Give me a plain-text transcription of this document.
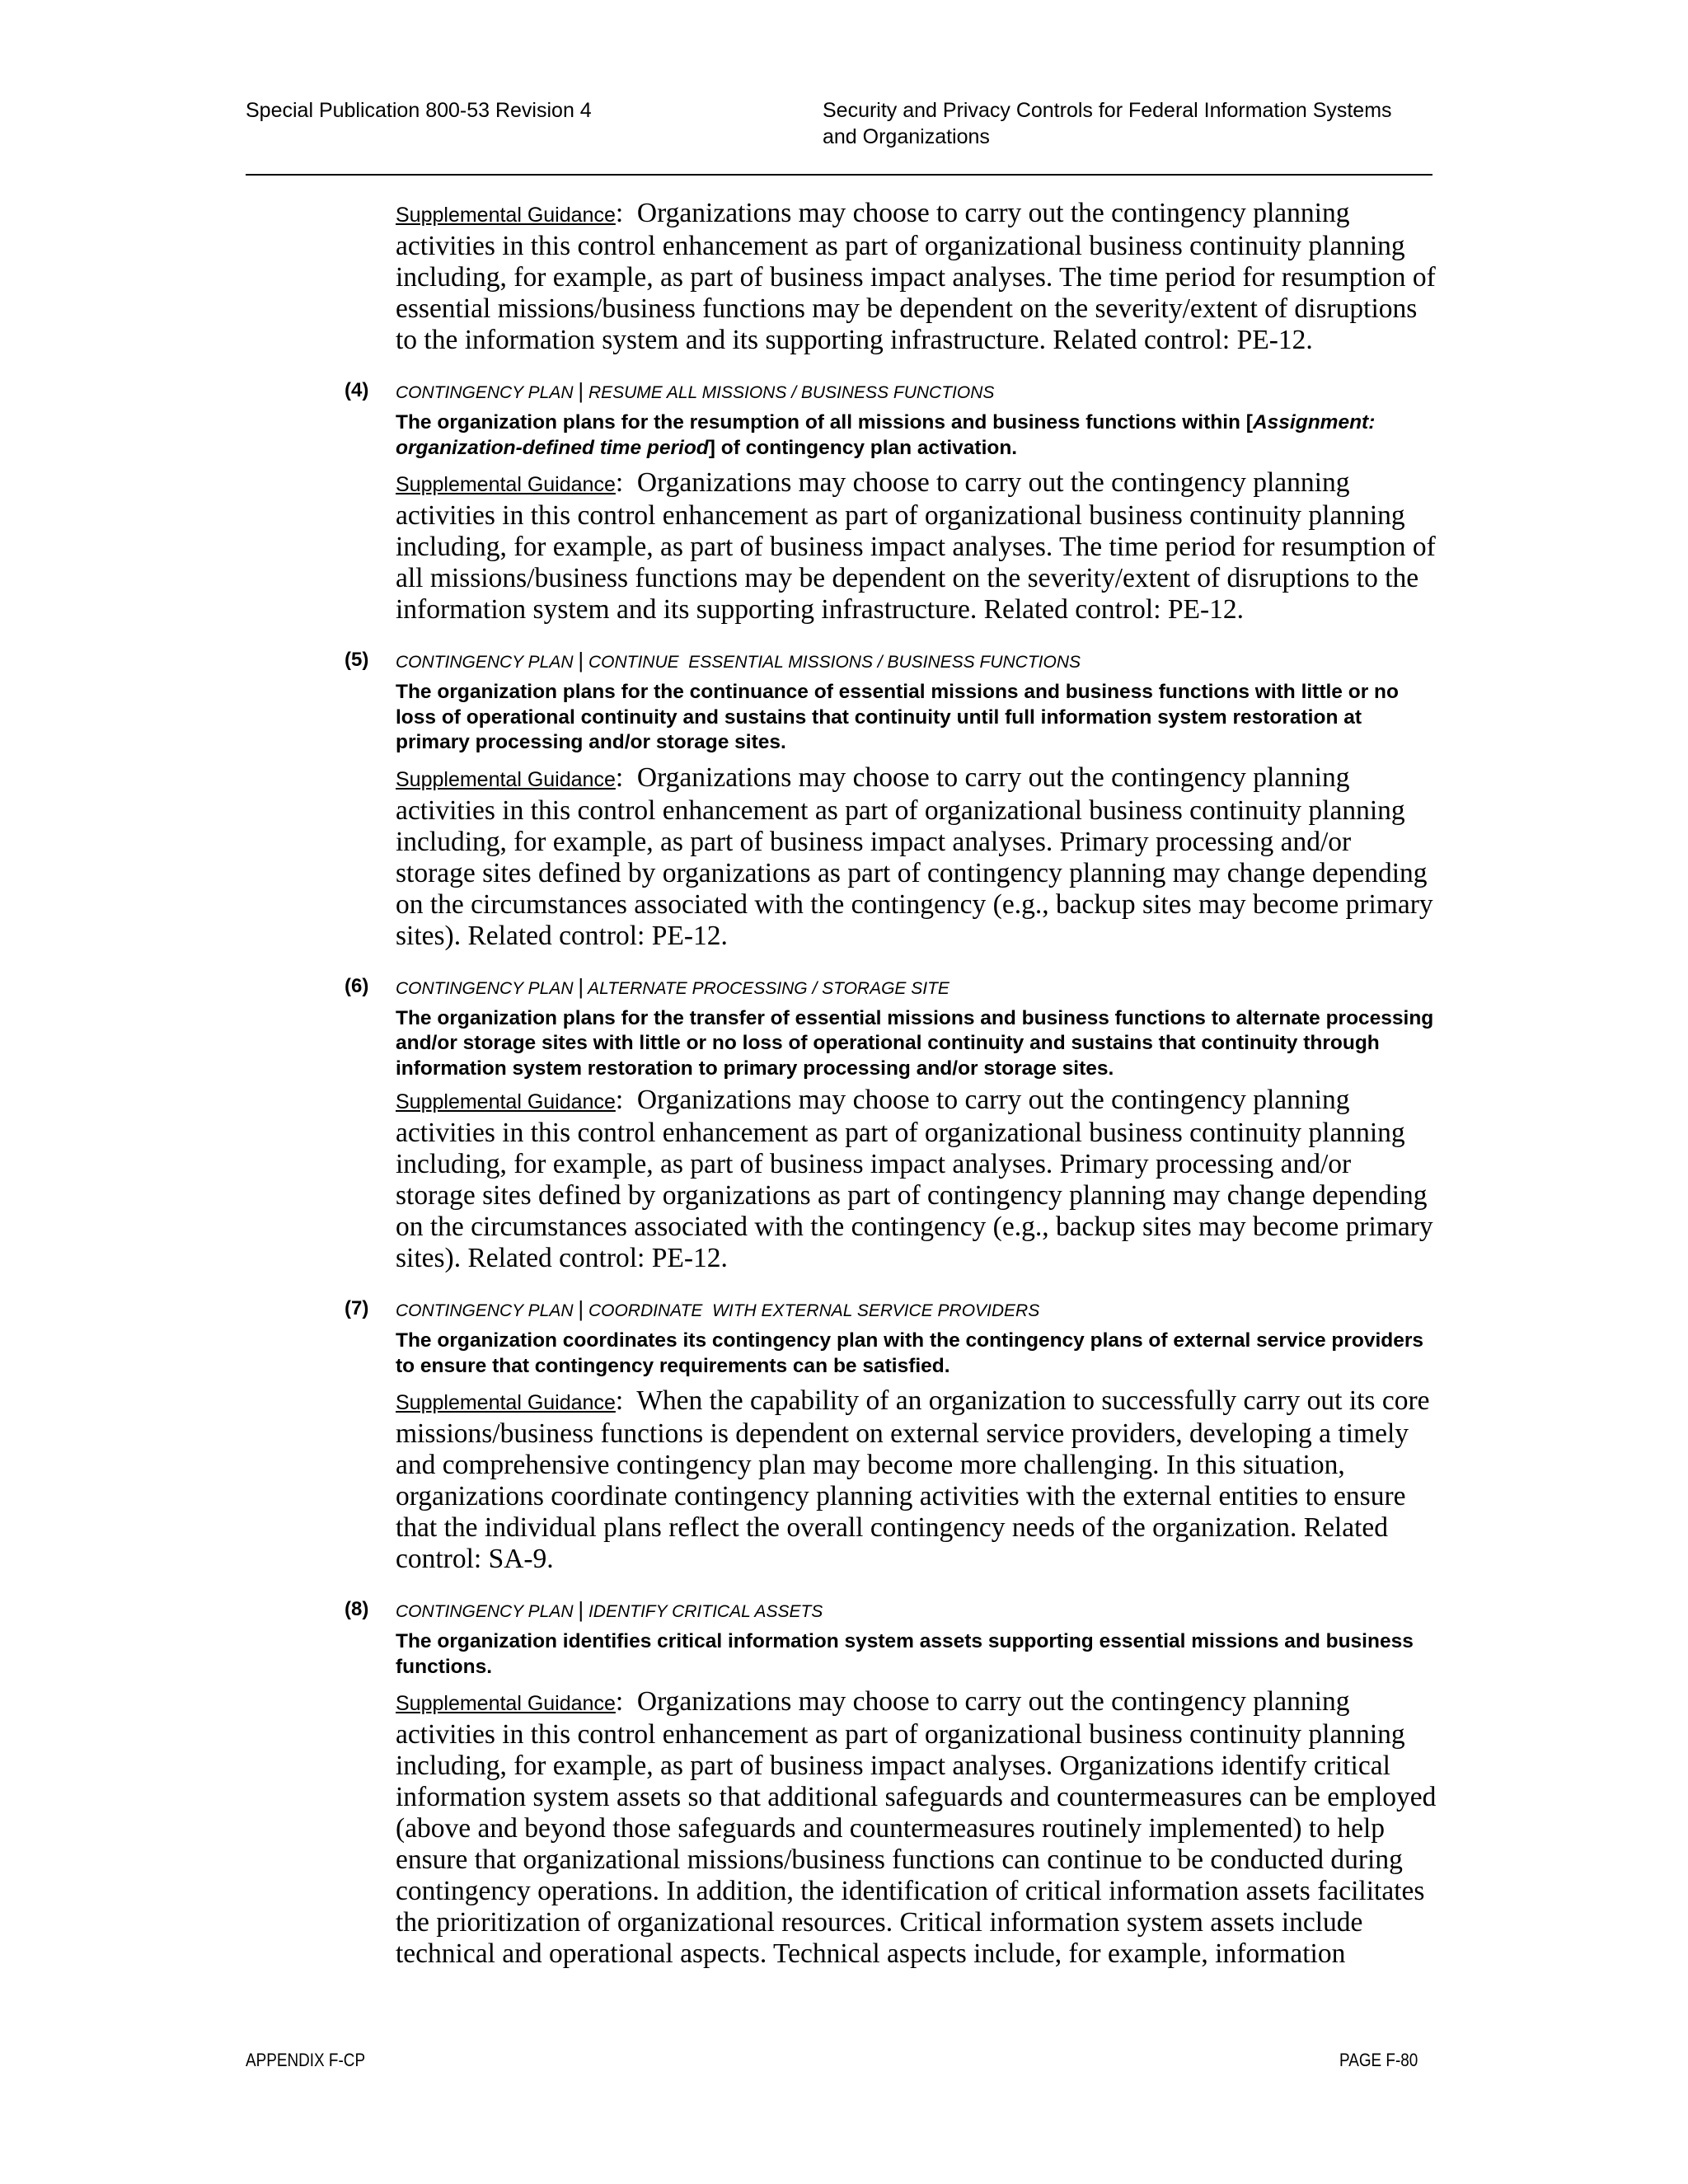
Special Publication 800-53 Revision 4	Security and Privacy Controls for Federal Information Systems
and Organizations

Supplemental Guidance:  Organizations may choose to carry out the contingency planning activities in this control enhancement as part of organizational business continuity planning including, for example, as part of business impact analyses. The time period for resumption of essential missions/business functions may be dependent on the severity/extent of disruptions to the information system and its supporting infrastructure. Related control: PE-12.

(4) CONTINGENCY PLAN | RESUME ALL MISSIONS / BUSINESS FUNCTIONS
The organization plans for the resumption of all missions and business functions within [Assignment: organization-defined time period] of contingency plan activation.

Supplemental Guidance:  Organizations may choose to carry out the contingency planning activities in this control enhancement as part of organizational business continuity planning including, for example, as part of business impact analyses. The time period for resumption of all missions/business functions may be dependent on the severity/extent of disruptions to the information system and its supporting infrastructure. Related control: PE-12.

(5) CONTINGENCY PLAN | CONTINUE  ESSENTIAL MISSIONS / BUSINESS FUNCTIONS
The organization plans for the continuance of essential missions and business functions with little or no loss of operational continuity and sustains that continuity until full information system restoration at primary processing and/or storage sites.

Supplemental Guidance:  Organizations may choose to carry out the contingency planning activities in this control enhancement as part of organizational business continuity planning including, for example, as part of business impact analyses. Primary processing and/or storage sites defined by organizations as part of contingency planning may change depending on the circumstances associated with the contingency (e.g., backup sites may become primary sites). Related control: PE-12.

(6) CONTINGENCY PLAN | ALTERNATE PROCESSING / STORAGE SITE
The organization plans for the transfer of essential missions and business functions to alternate processing and/or storage sites with little or no loss of operational continuity and sustains that continuity through information system restoration to primary processing and/or storage sites.

Supplemental Guidance:  Organizations may choose to carry out the contingency planning activities in this control enhancement as part of organizational business continuity planning including, for example, as part of business impact analyses. Primary processing and/or storage sites defined by organizations as part of contingency planning may change depending on the circumstances associated with the contingency (e.g., backup sites may become primary sites). Related control: PE-12.

(7) CONTINGENCY PLAN | COORDINATE  WITH EXTERNAL SERVICE PROVIDERS
The organization coordinates its contingency plan with the contingency plans of external service providers to ensure that contingency requirements can be satisfied.

Supplemental Guidance:  When the capability of an organization to successfully carry out its core missions/business functions is dependent on external service providers, developing a timely and comprehensive contingency plan may become more challenging. In this situation, organizations coordinate contingency planning activities with the external entities to ensure that the individual plans reflect the overall contingency needs of the organization. Related control: SA-9.

(8) CONTINGENCY PLAN | IDENTIFY CRITICAL ASSETS
The organization identifies critical information system assets supporting essential missions and business functions.

Supplemental Guidance:  Organizations may choose to carry out the contingency planning activities in this control enhancement as part of organizational business continuity planning including, for example, as part of business impact analyses. Organizations identify critical information system assets so that additional safeguards and countermeasures can be employed (above and beyond those safeguards and countermeasures routinely implemented) to help ensure that organizational missions/business functions can continue to be conducted during contingency operations. In addition, the identification of critical information assets facilitates the prioritization of organizational resources. Critical information system assets include technical and operational aspects. Technical aspects include, for example, information

APPENDIX F-CP	PAGE F-80
